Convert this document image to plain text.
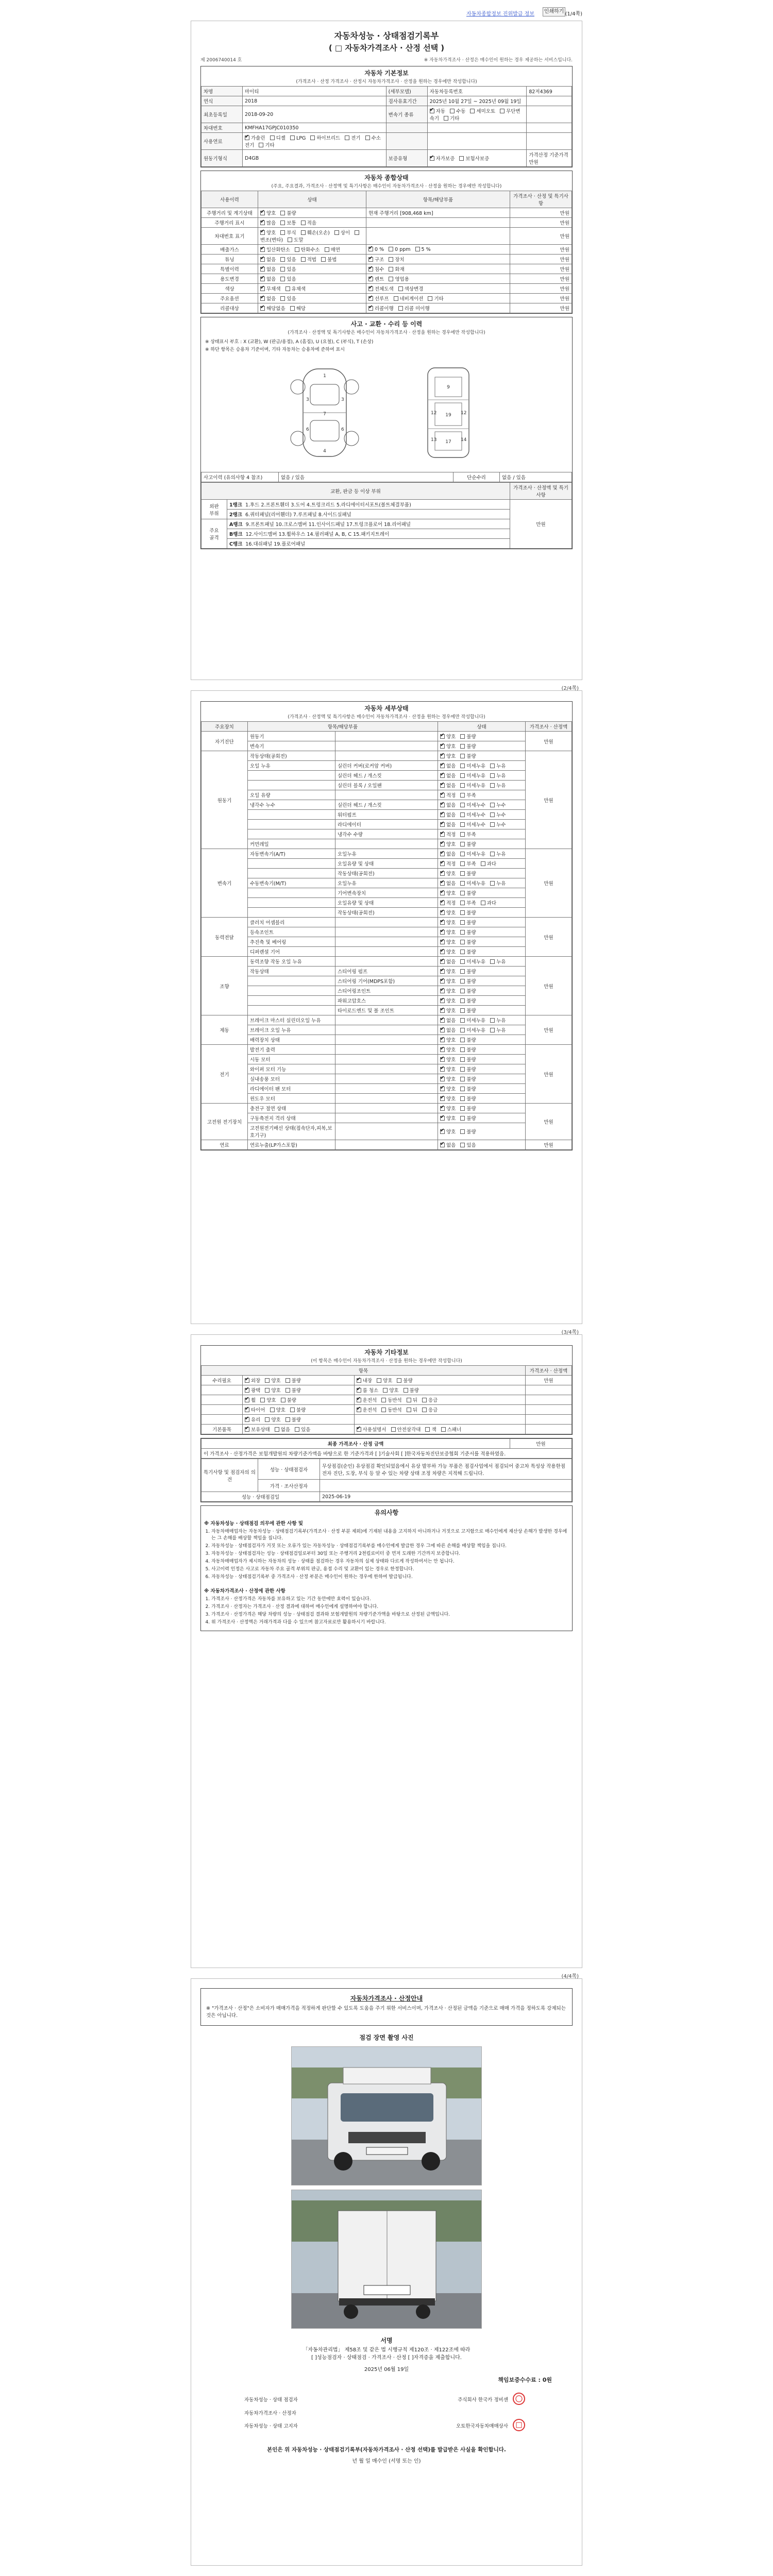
자동차종합정보 진위발급 정보 인쇄하기 (1/4쪽)
자동차성능 · 상태점검기록부
( □ 자동차가격조사 · 산정 선택 )
제 2006740014 호	※ 자동차가격조사 · 산정은 매수인이 원하는 경우 제공하는 서비스입니다.
자동차 기본정보
(가격조사 · 산정 가격조사 · 산정시 자동차가격조사 · 산정을 원하는 경우에만 작성합니다)
차명	마이티	(세부모델)	자동차등록번호	82저4369
연식	2018	검사유효기간	2025년 10월 27일 ~ 2025년 09월 19일	
최초등록일	2018-09-20	변속기 종류	✔자동 수동 세미오토 무단변속기 기타	
차대번호	KMFHA17GPJC010350			
사용연료	✔가솔린 디젤 LPG 하이브리드 전기 수소전기 기타			
원동기형식	D4GB	보증유형	✔자가보증 보험사보증	가격산정 기준가격 만원
자동차 종합상태
(주요, 주요결과, 가격조사 · 산정액 및 특기사항은 매수인이 자동차가격조사 · 산정을 원하는 경우에만 작성합니다)
사용이력	상태	항목/해당부품	가격조사 · 산정 및 특기사항
주행거리 및 계기상태	✔양호 불량	현재 주행거리 [908,468 km]	만원
주행거리 표시	✔많음 보통 적음		만원
차대번호 표기	✔양호 부식 훼손(오손) 상이 변조(변타) 도말		만원
배출가스	✔일산화탄소 탄화수소 매연	✔0 % 0 ppm 5 %	만원
튜닝	✔없음 있음 적법 불법	✔구조 장치	만원
특별이력	✔없음 있음	✔침수 화재	만원
용도변경	✔없음 있음	✔렌트 영업용	만원
색상	✔무채색 유채색	✔전체도색 색상변경	만원
주요옵션	✔없음 있음	✔선루프 네비게이션 기타	만원
리콜대상	✔해당없음 해당	✔리콜이행 리콜 미이행	만원
사고 · 교환 · 수리 등 이력
(가격조사 · 산정액 및 특기사항은 매수인이 자동차가격조사 · 산정을 원하는 경우에만 작성합니다)
※ 상태표시 부호 : X (교환), W (판금/용접), A (흠집), U (요철), C (부식), T (손상)
※ 하단 항목은 승용차 기준이며, 기타 자동차는 승용차에 준하여 표시
1
7
4
3	3
6	6
9
19
17
12	12
13	14
사고이력 (유의사항 4 참조)	없음 / 있음	단순수리	없음 / 있음
교환, 판금 등 이상 부위		가격조사 · 산정액 및 특기사항
외판
부위	1랭크 1.후드 2.프론트휀더 3.도어 4.트렁크리드 5.라디에이터서포트(볼트체결부품)	만원
	2랭크 6.쿼터패널(리어휀더) 7.루프패널 8.사이드실패널	
주요
골격	A랭크 9.프론트패널 10.크로스멤버 11.인사이드패널 17.트렁크플로어 18.리어패널	
	B랭크 12.사이드멤버 13.휠하우스 14.필러패널 A, B, C 15.패키지트레이	
	C랭크 16.대쉬패널 19.플로어패널	
(2/4쪽)
자동차 세부상태
(가격조사 · 산정액 및 특기사항은 매수인이 자동차가격조사 · 산정을 원하는 경우에만 작성합니다)
주요장치	항목/해당부품		상태	가격조사 · 산정액
자기진단	원동기		✔양호 불량	만원
	변속기		✔양호 불량
원동기	작동상태(공회전)		✔양호 불량	만원
	오일 누유	실린더 커버(로커암 커버)	✔없음 미세누유 누유
		실린더 헤드 / 개스킷	✔없음 미세누유 누유
		실린더 블록 / 오일팬	✔없음 미세누유 누유
	오일 유량		✔적정 부족
	냉각수 누수	실린더 헤드 / 개스킷	✔없음 미세누수 누수
		워터펌프	✔없음 미세누수 누수
		라디에이터	✔없음 미세누수 누수
		냉각수 수량	✔적정 부족
	커먼레일		✔양호 불량
변속기	자동변속기(A/T)	오일누유	✔없음 미세누유 누유	만원
		오일유량 및 상태	✔적정 부족 과다
		작동상태(공회전)	✔양호 불량
	수동변속기(M/T)	오일누유	✔없음 미세누유 누유
		기어변속장치	✔양호 불량
		오일유량 및 상태	✔적정 부족 과다
		작동상태(공회전)	✔양호 불량
동력전달	클러치 어셈블리		✔양호 불량	만원
	등속조인트		✔양호 불량
	추진축 및 베어링		✔양호 불량
	디퍼렌셜 기어		✔양호 불량
조향	동력조향 작동 오일 누유		✔없음 미세누유 누유	만원
	작동상태	스티어링 펌프	✔양호 불량
		스티어링 기어(MDPS포함)	✔양호 불량
		스티어링조인트	✔양호 불량
		파워고압호스	✔양호 불량
		타이로드엔드 및 볼 조인트	✔양호 불량
제동	브레이크 마스터 실린더오일 누유		✔없음 미세누유 누유	만원
	브레이크 오일 누유		✔없음 미세누유 누유
	배력장치 상태		✔양호 불량
전기	발전기 출력		✔양호 불량	만원
	시동 모터		✔양호 불량
	와이퍼 모터 기능		✔양호 불량
	실내송풍 모터		✔양호 불량
	라디에이터 팬 모터		✔양호 불량
	윈도우 모터		✔양호 불량
고전원 전기장치	충전구 절연 상태		✔양호 불량	만원
	구동축전지 격리 상태		✔양호 불량
	고전원전기배선 상태(접속단자,피복,보호기구)		✔양호 불량
연료	연료누출(LP가스포함)		✔없음 있음	만원
(3/4쪽)
자동차 기타정보
(이 항목은 매수인이 자동차가격조사 · 산정을 원하는 경우에만 작성합니다)
항목			가격조사 · 산정액
수리필요	✔외장 양호 불량	✔내장 양호 불량	만원
	✔광택 양호 불량	✔룸 청소 양호 불량	
	✔휠 양호 불량	✔운전석 동반석 뒤 응급	
	✔타이어 양호 불량	✔운전석 동반석 뒤 응급	
	✔유리 양호 불량		
기본품목	✔보유상태 없음 있음	✔사용설명서 안전삼각대 잭 스패너	
최종 가격조사 · 산정 금액	만원
이 가격조사 · 산정가격은 보험개발원의 차량기준가액을 바탕으로 한 기준가격과 [ ]기술사회 [ ]한국자동차진단보증협회 기준서를 적용하였음.
특기사항 및 점검자의 의견	성능 · 상태점검자	무상점검(순인) 유상점검 확인되었음에서 유상 발부하 가능 부품은 점검사업에서 점검되어 중고차 특성상 작용한점 전자 진단, 도장, 부식 등 알 수 있는 차량 상태 조정 차량은 지적해 드립니다.
	가격 · 조사산정자	
성능 · 상태점검일		2025-06-19
유의사항
※ 자동차성능 · 상태점검 의무에 관한 사항 및
1. 자동차매매업자는 자동차성능 · 상태점검기록부(가격조사 · 산정 부분 제외)에 기재된 내용을 고지하지 아니하거나 거짓으로 고지함으로 매수인에게 재산상 손해가 발생한 경우에는 그 손해를 배상할 책임을 집니다.
2. 자동차성능 · 상태점검자가 거짓 또는 오류가 있는 자동차성능 · 상태점검기록부를 매수인에게 발급한 경우 그에 따른 손해를 배상할 책임을 집니다.
3. 자동차성능 · 상태점검자는 성능 · 상태점검일로부터 30일 또는 주행거리 2천킬로미터 중 먼저 도래한 기간까지 보증합니다.
4. 자동차매매업자가 제시하는 자동차의 성능 · 상태를 점검하는 경우 자동차의 실제 상태와 다르게 작성하여서는 안 됩니다.
5. 사고이력 인정은 사고로 자동차 주요 골격 부위의 판금, 용접 수리 및 교환이 있는 경우로 한정합니다.
6. 자동차성능 · 상태점검기록부 중 가격조사 · 산정 부분은 매수인이 원하는 경우에 한하여 발급됩니다.
※ 자동차가격조사 · 산정에 관한 사항
1. 가격조사 · 산정가격은 자동차를 보유하고 있는 기간 동안에만 효력이 있습니다.
2. 가격조사 · 산정자는 가격조사 · 산정 결과에 대하여 매수인에게 설명하여야 합니다.
3. 가격조사 · 산정가격은 해당 차량의 성능 · 상태점검 결과와 보험개발원의 차량기준가액을 바탕으로 산정된 금액입니다.
4. 위 가격조사 · 산정액은 거래가격과 다를 수 있으며 참고자료로만 활용하시기 바랍니다.
(4/4쪽)
자동차가격조사 · 산정안내
※ "가격조사 · 산정"은 소비자가 매매가격을 적정하게 판단할 수 있도록 도움을 주기 위한 서비스이며, 가격조사 · 산정된 금액을 기준으로 매매 가격을 정하도록 강제되는 것은 아닙니다.
점검 장면 촬영 사진
서명
「자동차관리법」 제58조 및 같은 법 시행규칙 제120조 · 제122조에 따라
[ ]성능점검자 · 상태점검 · 가격조사 · 산정 [ ]자격증을 제출합니다.
2025년 06월 19일
책임보증수수료 : 0원
자동차성능 · 상태 점검자	주식회사 한국카 정비센	
자동차가격조사 · 산정자		
자동차성능 · 상태 고지자	오토한국자동차매매상사	
본인은 위 자동차성능 · 상태점검기록부(자동차가격조사 · 산정 선택)를 발급받은 사실을 확인합니다.
년 월 일 매수인 (서명 또는 인)
